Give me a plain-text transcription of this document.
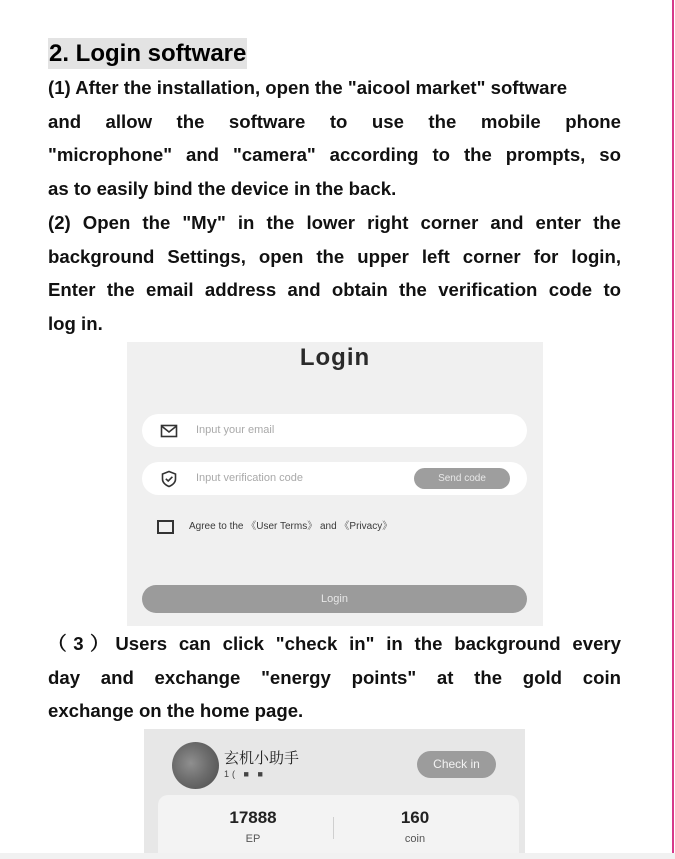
2. Login software
(1) After the installation, open the "aicool market" software
and allow the software to use the mobile phone
"microphone" and "camera" according to the prompts, so
as to easily bind the device in the back.
(2) Open the "My" in the lower right corner and enter the
background Settings, open the upper left corner for login,
Enter the email address and obtain the verification code to
log in.
Login
Input your email
Input verification code	Send code
Agree to the 《User Terms》 and 《Privacy》
Login
（3）Users can click "check in" in the background every
day and exchange "energy points" at the gold coin
exchange on the home page.
玄机小助手
1( ■ ■
Check in
17888
EP
160
coin
